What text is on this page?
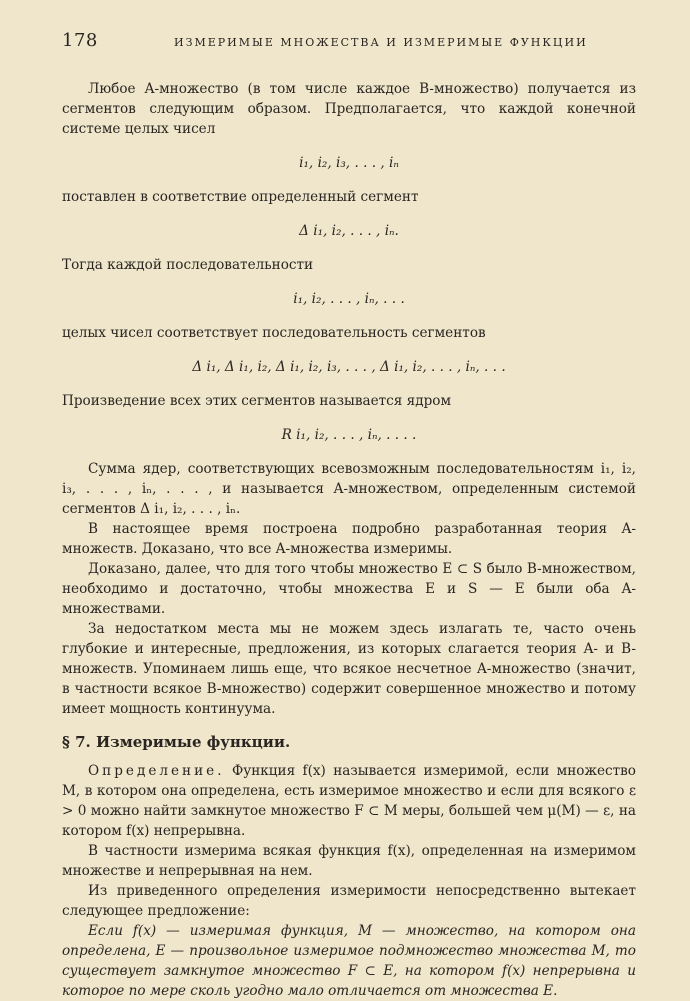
178	ИЗМЕРИМЫЕ МНОЖЕСТВА И ИЗМЕРИМЫЕ ФУНКЦИИ

Любое A-множество (в том числе каждое B-множество) получается из сегментов следующим образом. Предполагается, что каждой конечной системе целых чисел

i₁, i₂, i₃, . . . , iₙ

поставлен в соответствие определенный сегмент

Δ i₁, i₂, . . . , iₙ.

Тогда каждой последовательности

i₁, i₂, . . . , iₙ, . . .

целых чисел соответствует последовательность сегментов

Δ i₁, Δ i₁, i₂, Δ i₁, i₂, i₃, . . . , Δ i₁, i₂, . . . , iₙ, . . .

Произведение всех этих сегментов называется ядром

R i₁, i₂, . . . , iₙ, . . . .

Сумма ядер, соответствующих всевозможным последовательностям i₁, i₂, i₃, . . . , iₙ, . . . , и называется A-множеством, определенным системой сегментов Δ i₁, i₂, . . . , iₙ.

В настоящее время построена подробно разработанная теория A-множеств. Доказано, что все A-множества измеримы.

Доказано, далее, что для того чтобы множество E ⊂ S было B-множеством, необходимо и достаточно, чтобы множества E и S — E были оба A-множествами.

За недостатком места мы не можем здесь излагать те, часто очень глубокие и интересные, предложения, из которых слагается теория A- и B-множеств. Упоминаем лишь еще, что всякое несчетное A-множество (значит, в частности всякое B-множество) содержит совершенное множество и потому имеет мощность континуума.

§ 7. Измеримые функции.

Определение. Функция f(x) называется измеримой, если множество M, в котором она определена, есть измеримое множество и если для всякого ε > 0 можно найти замкнутое множество F ⊂ M меры, большей чем μ(M) — ε, на котором f(x) непрерывна.

В частности измерима всякая функция f(x), определенная на измеримом множестве и непрерывная на нем.

Из приведенного определения измеримости непосредственно вытекает следующее предложение:

Если f(x) — измеримая функция, M — множество, на котором она определена, E — произвольное измеримое подмножество множества M, то существует замкнутое множество F ⊂ E, на котором f(x) непрерывна и которое по мере сколь угодно мало отличается от множества E.
